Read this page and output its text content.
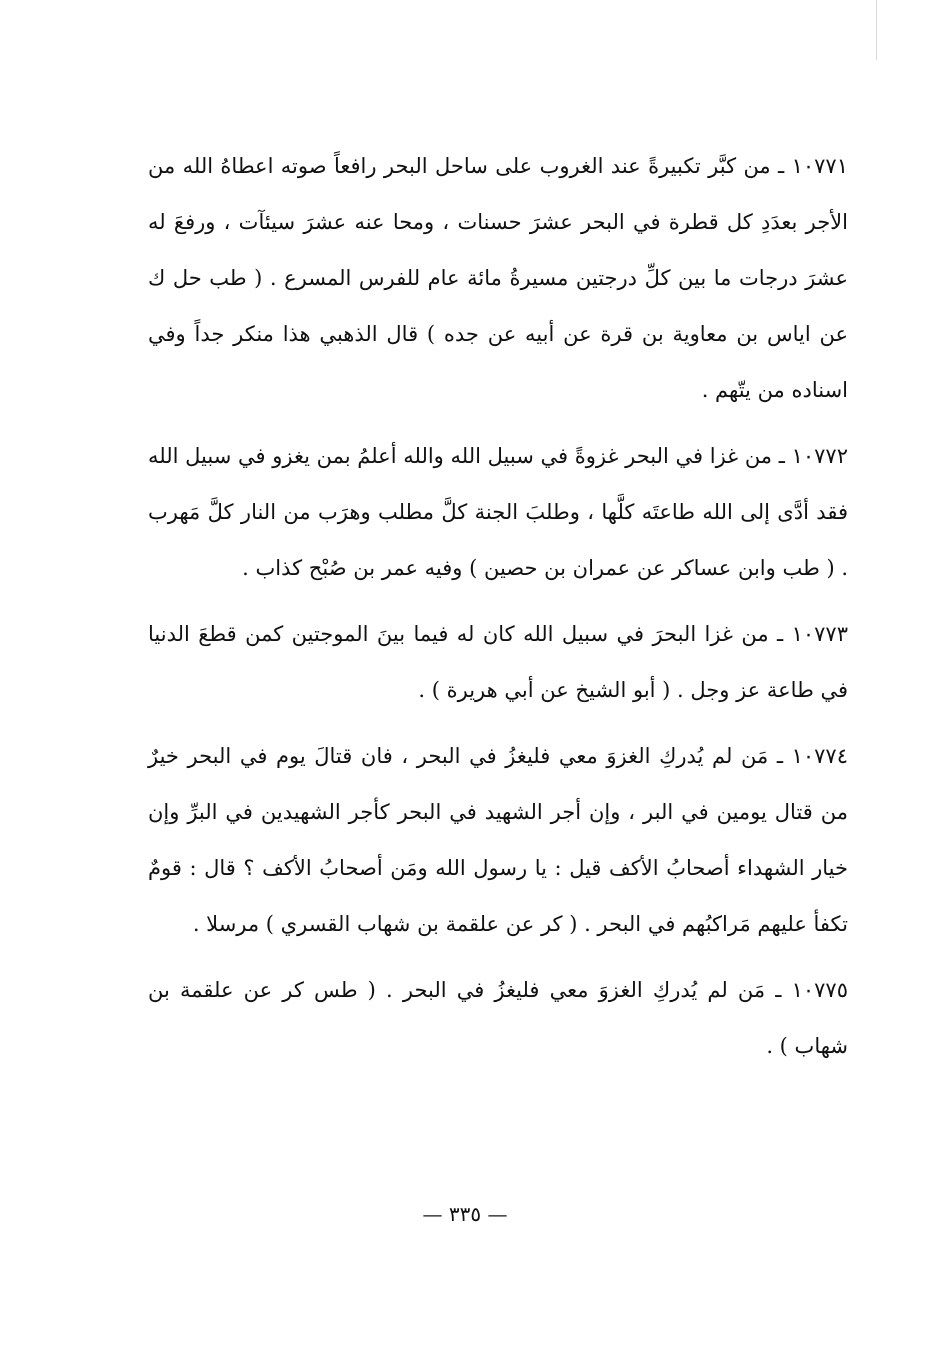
١٠٧٧١ ـ من كبَّر تكبيرةً عند الغروب على ساحل البحر رافعاً صوته اعطاهُ الله من الأجر بعدَدِ كل قطرة في البحر عشرَ حسنات ، ومحا عنه عشرَ سيئآت ، ورفعَ له عشرَ درجات ما بين كلِّ درجتين مسيرةُ مائة عام للفرس المسرع . ( طب حل ك عن اياس بن معاوية بن قرة عن أبيه عن جده ) قال الذهبي هذا منكر جداً وفي اسناده من يتّهم .

١٠٧٧٢ ـ من غزا في البحر غزوةً في سبيل الله والله أعلمُ بمن يغزو في سبيل الله فقد أدَّى إلى الله طاعتَه كلَّها ، وطلبَ الجنة كلَّ مطلب وهرَب من النار كلَّ مَهرب . ( طب وابن عساكر عن عمران بن حصين ) وفيه عمر بن صُبْح كذاب .

١٠٧٧٣ ـ من غزا البحرَ في سبيل الله كان له فيما بينَ الموجتين كمن قطعَ الدنيا في طاعة عز وجل . ( أبو الشيخ عن أبي هريرة ) .

١٠٧٧٤ ـ مَن لم يُدركِ الغزوَ معي فليغزُ في البحر ، فان قتالَ يوم في البحر خيرٌ من قتال يومين في البر ، وإن أجر الشهيد في البحر كأجر الشهيدين في البرِّ وإن خيار الشهداء أصحابُ الأكف قيل : يا رسول الله ومَن أصحابُ الأكف ؟ قال : قومٌ تكفأ عليهم مَراكبُهم في البحر . ( كر عن علقمة بن شهاب القسري ) مرسلا .

١٠٧٧٥ ـ مَن لم يُدركِ الغزوَ معي فليغزُ في البحر . ( طس كر عن علقمة بن شهاب ) .

— ٣٣٥ —
